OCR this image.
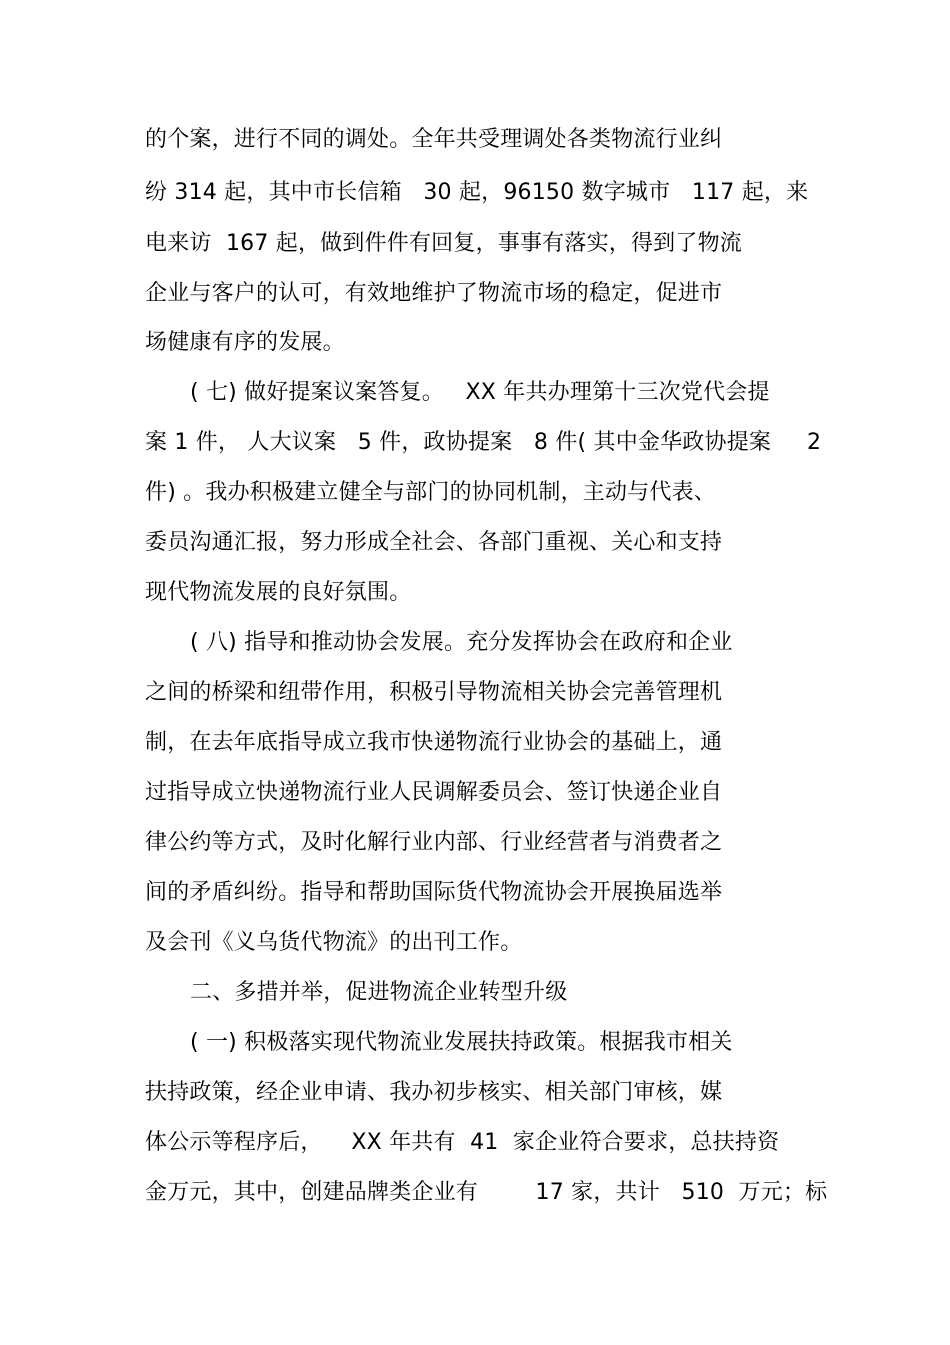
的个案，进行不同的调处。全年共受理调处各类物流行业纠
纷 314 起，其中市长信箱   30 起，96150 数字城市   117 起，来
电来访  167 起，做到件件有回复，事事有落实，得到了物流
企业与客户的认可，有效地维护了物流市场的稳定，促进市
场健康有序的发展。
( 七) 做好提案议案答复。   XX 年共办理第十三次党代会提
案 1 件， 人大议案   5 件，政协提案   8 件( 其中金华政协提案     2
件) 。我办积极建立健全与部门的协同机制，主动与代表、
委员沟通汇报，努力形成全社会、各部门重视、关心和支持
现代物流发展的良好氛围。
( 八) 指导和推动协会发展。充分发挥协会在政府和企业
之间的桥梁和纽带作用，积极引导物流相关协会完善管理机
制，在去年底指导成立我市快递物流行业协会的基础上，通
过指导成立快递物流行业人民调解委员会、签订快递企业自
律公约等方式，及时化解行业内部、行业经营者与消费者之
间的矛盾纠纷。指导和帮助国际货代物流协会开展换届选举
及会刊《义乌货代物流》的出刊工作。
二、多措并举，促进物流企业转型升级
( 一) 积极落实现代物流业发展扶持政策。根据我市相关
扶持政策，经企业申请、我办初步核实、相关部门审核，媒
体公示等程序后，    XX 年共有  41  家企业符合要求，总扶持资
金万元，其中，创建品牌类企业有        17 家，共计   510  万元；标
